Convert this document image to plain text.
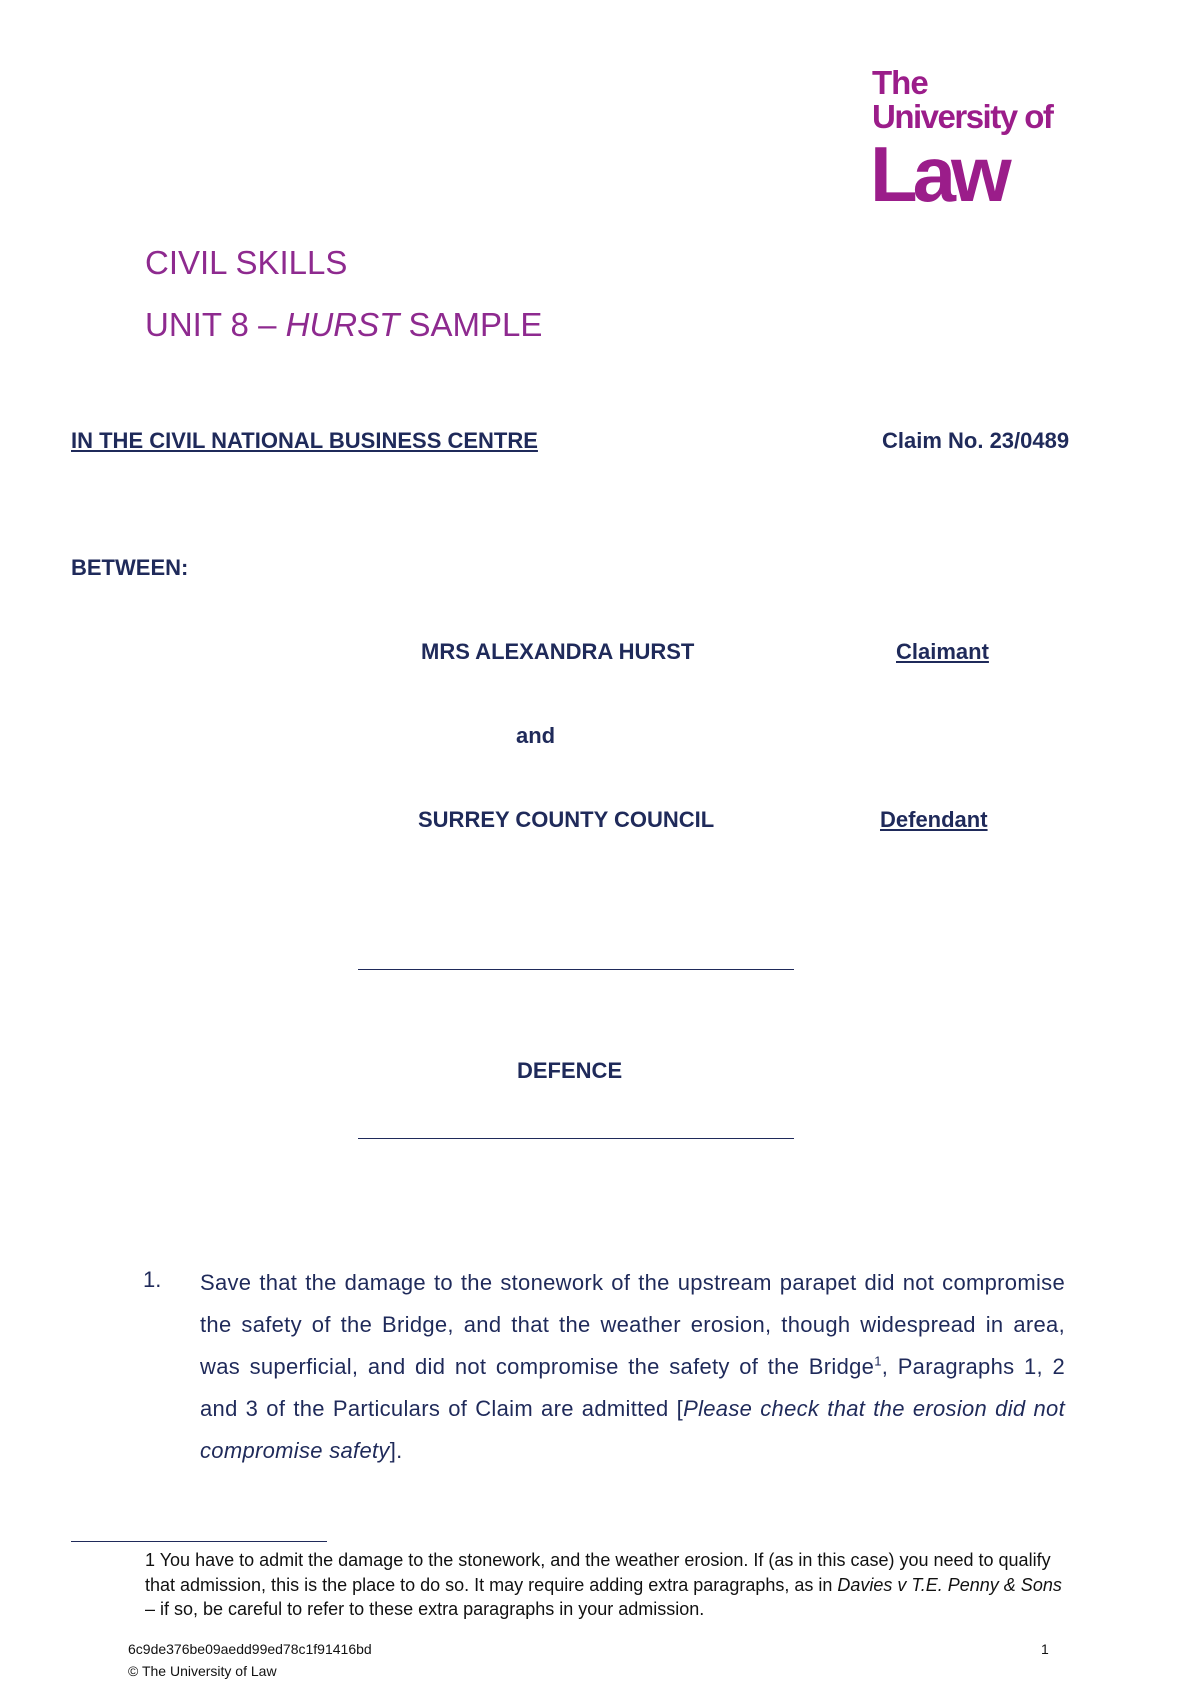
The
University of
Law
CIVIL SKILLS
UNIT 8 – HURST SAMPLE
IN THE CIVIL NATIONAL BUSINESS CENTRE	Claim No. 23/0489
BETWEEN:
MRS ALEXANDRA HURST	Claimant
and
SURREY COUNTY COUNCIL	Defendant
DEFENCE
1. Save that the damage to the stonework of the upstream parapet did not compromise the safety of the Bridge, and that the weather erosion, though widespread in area, was superficial, and did not compromise the safety of the Bridge$^1$, Paragraphs 1, 2 and 3 of the Particulars of Claim are admitted [Please check that the erosion did not compromise safety].
1 You have to admit the damage to the stonework, and the weather erosion. If (as in this case) you need to qualify that admission, this is the place to do so. It may require adding extra paragraphs, as in Davies v T.E. Penny & Sons – if so, be careful to refer to these extra paragraphs in your admission.
6c9de376be09aedd99ed78c1f91416bd
© The University of Law
1
